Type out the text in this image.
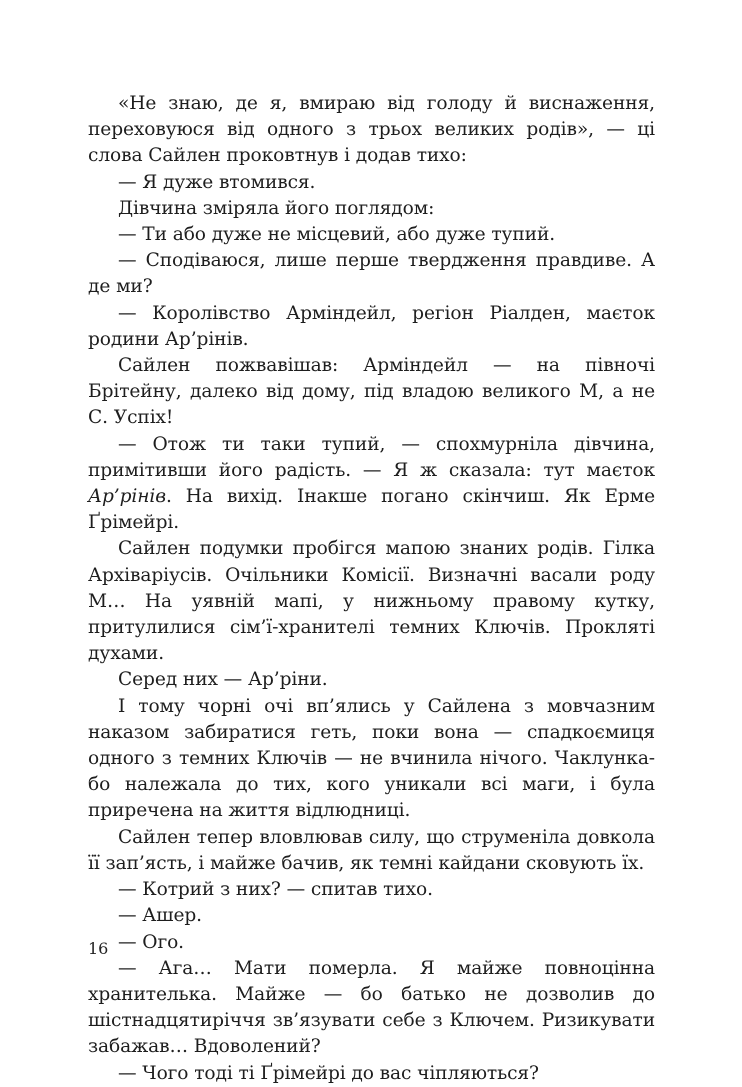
«Не знаю, де я, вмираю від голоду й виснаження, переховуюся від одного з трьох великих родів», — ці слова Сайлен проковтнув і додав тихо:

— Я дуже втомився.

Дівчина зміряла його поглядом:

— Ти або дуже не місцевий, або дуже тупий.

— Сподіваюся, лише перше твердження правдиве. А де ми?

— Королівство Арміндейл, регіон Ріалден, маєток родини Ар’рінів.

Сайлен пожвавішав: Арміндейл — на півночі Брітейну, далеко від дому, під владою великого М, а не С. Успіх!

— Отож ти таки тупий, — спохмурніла дівчина, примітивши його радість. — Я ж сказала: тут маєток Ар’рінів. На вихід. Інакше погано скінчиш. Як Ерме Ґрімейрі.

Сайлен подумки пробігся мапою знаних родів. Гілка Архіваріусів. Очільники Комісії. Визначні васали роду М… На уявній мапі, у нижньому правому кутку, притулилися сім’ї-хранителі темних Ключів. Прокляті духами.

Серед них — Ар’ріни.

І тому чорні очі вп’ялись у Сайлена з мовчазним наказом забиратися геть, поки вона — спадкоємиця одного з темних Ключів — не вчинила нічого. Чаклунка-бо належала до тих, кого уникали всі маги, і була приречена на життя відлюдниці.

Сайлен тепер вловлював силу, що струменіла довкола її зап’ясть, і майже бачив, як темні кайдани сковують їх.

— Котрий з них? — спитав тихо.

— Ашер.

— Ого.

— Ага… Мати померла. Я майже повноцінна хранителька. Майже — бо батько не дозволив до шістнадцятиріччя зв’язувати себе з Ключем. Ризикувати забажав… Вдоволений?

— Чого тоді ті Ґрімейрі до вас чіпляються?

16
